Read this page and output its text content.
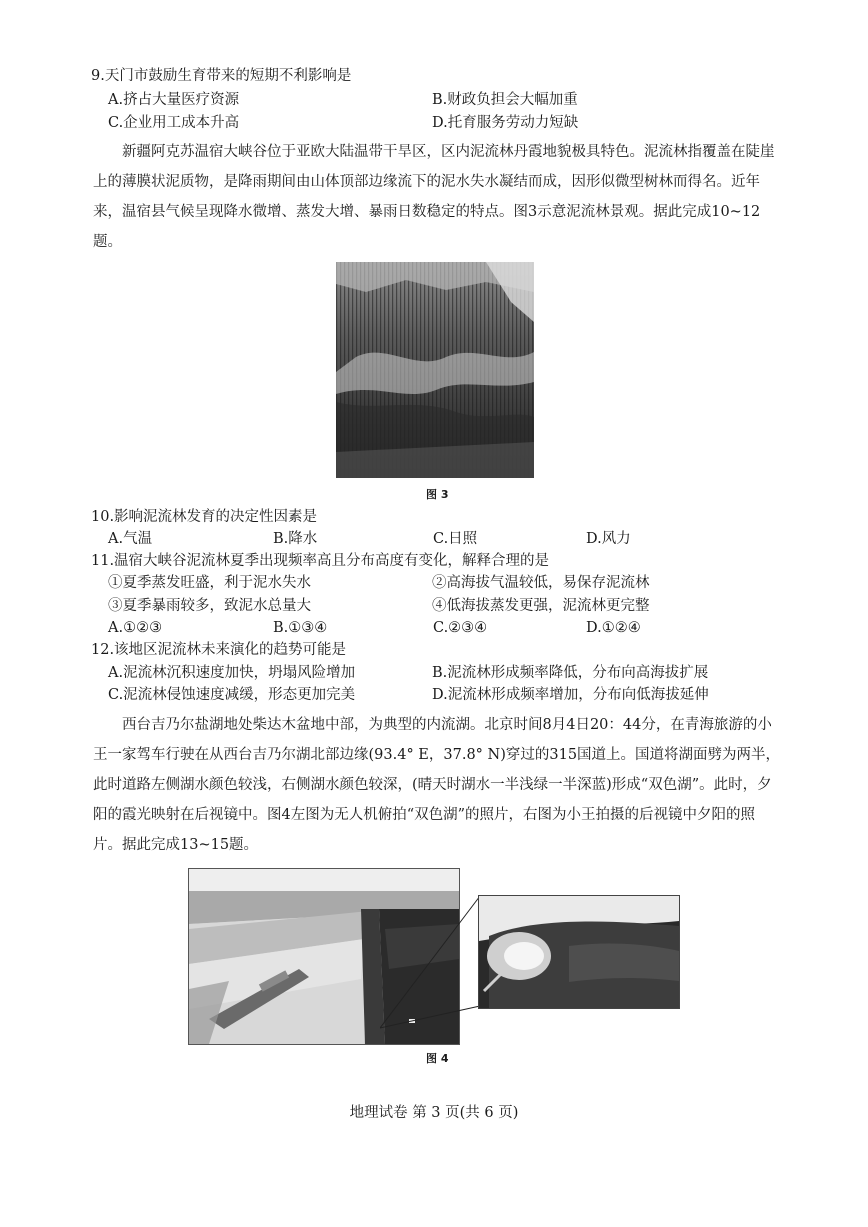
9.天门市鼓励生育带来的短期不利影响是
A.挤占大量医疗资源	B.财政负担会大幅加重
C.企业用工成本升高	D.托育服务劳动力短缺
新疆阿克苏温宿大峡谷位于亚欧大陆温带干旱区，区内泥流林丹霞地貌极具特色。泥流林指覆盖在陡崖上的薄膜状泥质物，是降雨期间由山体顶部边缘流下的泥水失水凝结而成，因形似微型树林而得名。近年来，温宿县气候呈现降水微增、蒸发大增、暴雨日数稳定的特点。图3示意泥流林景观。据此完成10~12题。
图 3
10.影响泥流林发育的决定性因素是
A.气温	B.降水	C.日照	D.风力
11.温宿大峡谷泥流林夏季出现频率高且分布高度有变化，解释合理的是
①夏季蒸发旺盛，利于泥水失水	②高海拔气温较低，易保存泥流林
③夏季暴雨较多，致泥水总量大	④低海拔蒸发更强，泥流林更完整
A.①②③	B.①③④	C.②③④	D.①②④
12.该地区泥流林未来演化的趋势可能是
A.泥流林沉积速度加快，坍塌风险增加	B.泥流林形成频率降低，分布向高海拔扩展
C.泥流林侵蚀速度减缓，形态更加完美	D.泥流林形成频率增加，分布向低海拔延伸
西台吉乃尔盐湖地处柴达木盆地中部，为典型的内流湖。北京时间8月4日20：44分，在青海旅游的小王一家驾车行驶在从西台吉乃尔湖北部边缘(93.4° E，37.8° N)穿过的315国道上。国道将湖面劈为两半，此时道路左侧湖水颜色较浅，右侧湖水颜色较深，(晴天时湖水一半浅绿一半深蓝)形成“双色湖”。此时，夕阳的霞光映射在后视镜中。图4左图为无人机俯拍“双色湖”的照片，右图为小王拍摄的后视镜中夕阳的照片。据此完成13~15题。
图 4
地理试卷 第 3 页(共 6 页)
